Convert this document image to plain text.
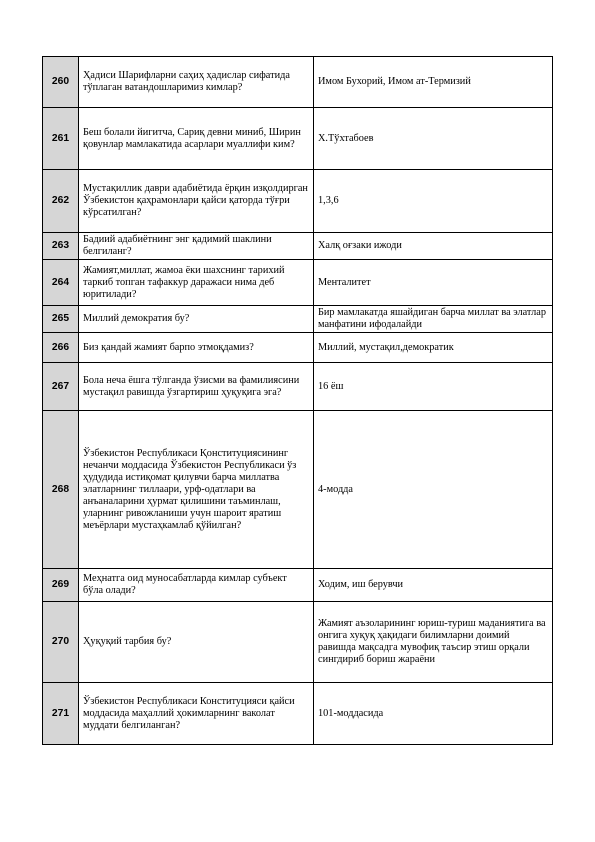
260	Ҳадиси Шарифларни саҳиҳ ҳадислар сифатида тўплаган ватандошларимиз кимлар?	Имом Бухорий, Имом ат-Термизий
261	Беш болали йигитча, Сариқ девни миниб, Ширин қовунлар мамлакатида асарлари муаллифи ким?	Х.Тўхтабоев
262	Мустақиллик даври адабиётида ёрқин изқолдирган Ўзбекистон қаҳрамонлари қайси қаторда тўғри кўрсатилган?	1,3,6
263	Бадиий адабиётнинг энг қадимий шаклини белгиланг?	Халқ оғзаки ижоди
264	Жамият,миллат, жамоа ёки шахснинг тарихий таркиб топган тафаккур даражаси нима деб юритилади?	Менталитет
265	Миллий демократия бу?	Бир мамлакатда яшайдиган барча миллат ва элатлар манфатини ифодалайди
266	Биз қандай жамият барпо этмоқдамиз?	Миллий, мустақил,демократик
267	Бола неча ёшга тўлганда ўзисми ва фамилиясини мустақил равишда ўзгартириш ҳуқуқига эга?	16 ёш
268	Ўзбекистон Республикаси Қонституциясининг нечанчи моддасида Ўзбекистон Республикаси ўз ҳудудида истиқомат қилувчи барча миллатва элатларнинг тиллаари, урф-одатлари ва анъаналарини ҳурмат қилишини таъминлаш, уларнинг ривожланиши учун шароит яратиш меъёрлари мустаҳкамлаб қўйилган?	4-модда
269	Меҳнатга оид муносабатларда кимлар субъект бўла олади?	Ходим, иш берувчи
270	Ҳуқуқий тарбия бу?	Жамият аъзоларининг юриш-туриш маданиятига ва онгига хуқуқ ҳақидаги билимларни доимий равишда мақсадга мувофиқ таъсир этиш орқали сингдириб бориш жараёни
271	Ўзбекистон Республикаси Конституцияси қайси моддасида маҳаллий ҳокимларнинг ваколат муддати белгиланган?	101-моддасида
